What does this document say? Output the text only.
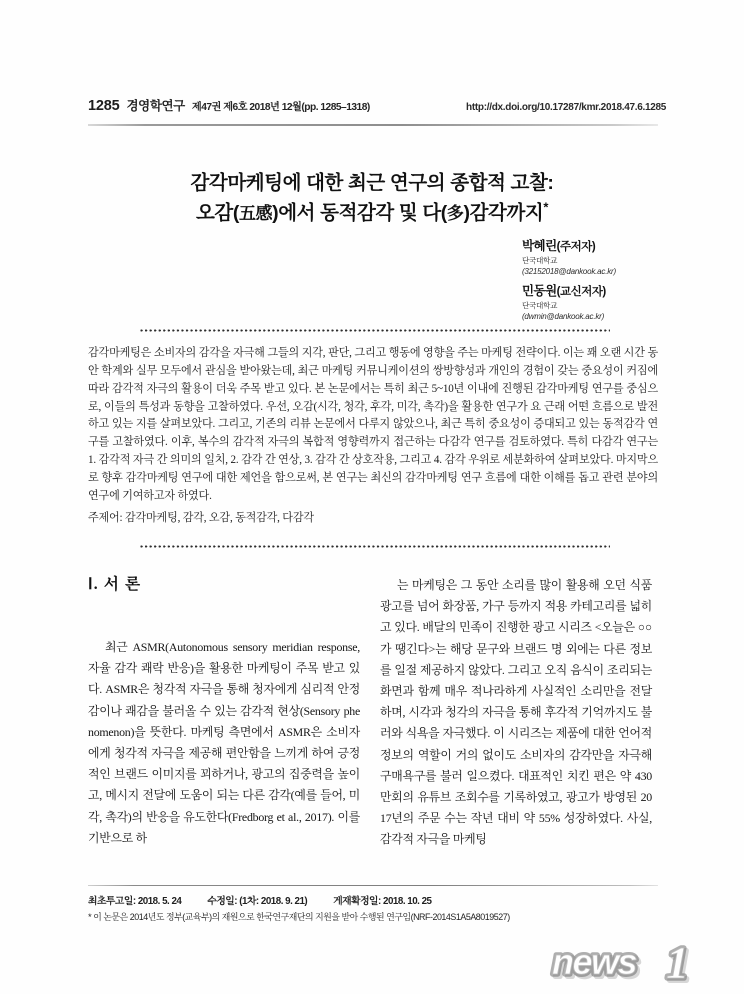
1285 경영학연구 제47권 제6호 2018년 12월(pp. 1285–1318)	http://dx.doi.org/10.17287/kmr.2018.47.6.1285
감각마케팅에 대한 최근 연구의 종합적 고찰:
오감(五感)에서 동적감각 및 다(多)감각까지*
박혜린(주저자)
단국대학교
(32152018@dankook.ac.kr)
민동원(교신저자)
단국대학교
(dwmin@dankook.ac.kr)
감각마케팅은 소비자의 감각을 자극해 그들의 지각, 판단, 그리고 행동에 영향을 주는 마케팅 전략이다. 이는 꽤 오랜 시간 동안 학계와 실무 모두에서 관심을 받아왔는데, 최근 마케팅 커뮤니케이션의 쌍방향성과 개인의 경험이 갖는 중요성이 커짐에 따라 감각적 자극의 활용이 더욱 주목 받고 있다. 본 논문에서는 특히 최근 5~10년 이내에 진행된 감각마케팅 연구를 중심으로, 이들의 특성과 동향을 고찰하였다. 우선, 오감(시각, 청각, 후각, 미각, 촉각)을 활용한 연구가 요 근래 어떤 흐름으로 발전하고 있는 지를 살펴보았다. 그리고, 기존의 리뷰 논문에서 다루지 않았으나, 최근 특히 중요성이 증대되고 있는 동적감각 연구를 고찰하였다. 이후, 복수의 감각적 자극의 복합적 영향력까지 접근하는 다감각 연구를 검토하였다. 특히 다감각 연구는 1. 감각적 자극 간 의미의 일치, 2. 감각 간 연상, 3. 감각 간 상호작용, 그리고 4. 감각 우위로 세분화하여 살펴보았다. 마지막으로 향후 감각마케팅 연구에 대한 제언을 함으로써, 본 연구는 최신의 감각마케팅 연구 흐름에 대한 이해를 돕고 관련 분야의 연구에 기여하고자 하였다.
주제어: 감각마케팅, 감각, 오감, 동적감각, 다감각
Ⅰ. 서 론

최근 ASMR(Autonomous sensory meridian response, 자율 감각 쾌락 반응)을 활용한 마케팅이 주목 받고 있다. ASMR은 청각적 자극을 통해 청자에게 심리적 안정감이나 쾌감을 불러올 수 있는 감각적 현상(Sensory phenomenon)을 뜻한다. 마케팅 측면에서 ASMR은 소비자에게 청각적 자극을 제공해 편안함을 느끼게 하여 긍정적인 브랜드 이미지를 꾀하거나, 광고의 집중력을 높이고, 메시지 전달에 도움이 되는 다른 감각(예를 들어, 미각, 촉각)의 반응을 유도한다(Fredborg et al., 2017). 이를 기반으로 하

는 마케팅은 그 동안 소리를 많이 활용해 오던 식품광고를 넘어 화장품, 가구 등까지 적용 카테고리를 넓히고 있다. 배달의 민족이 진행한 광고 시리즈 <오늘은 ○○가 땡긴다>는 해당 문구와 브랜드 명 외에는 다른 정보를 일절 제공하지 않았다. 그리고 오직 음식이 조리되는 화면과 함께 매우 적나라하게 사실적인 소리만을 전달하며, 시각과 청각의 자극을 통해 후각적 기억까지도 불러와 식욕을 자극했다. 이 시리즈는 제품에 대한 언어적 정보의 역할이 거의 없이도 소비자의 감각만을 자극해 구매욕구를 불러 일으켰다. 대표적인 치킨 편은 약 430만회의 유튜브 조회수를 기록하였고, 광고가 방영된 2017년의 주문 수는 작년 대비 약 55% 성장하였다. 사실, 감각적 자극을 마케팅

최초투고일: 2018. 5. 24	수정일: (1차: 2018. 9. 21)	게재확정일: 2018. 10. 25
* 이 논문은 2014년도 정부(교육부)의 재원으로 한국연구재단의 지원을 받아 수행된 연구임(NRF-2014S1A5A8019527)
